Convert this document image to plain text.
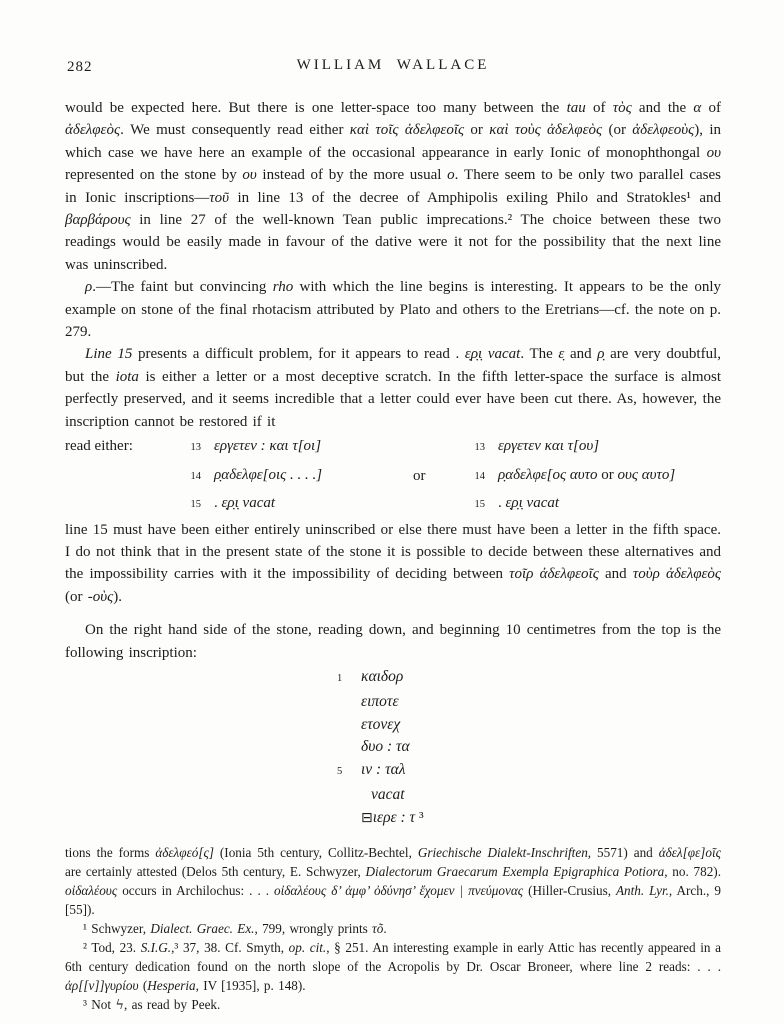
282	WILLIAM WALLACE

would be expected here. But there is one letter-space too many between the tau of τὸς and the α of ἀδελφεὸς. We must consequently read either καὶ τοῖς ἀδελφεοῖς or καὶ τοὺς ἀδελφεὸς (or ἀδελφεοὺς), in which case we have here an example of the occasional appearance in early Ionic of monophthongal ου represented on the stone by ου instead of by the more usual ο. There seem to be only two parallel cases in Ionic inscriptions—τοῦ in line 13 of the decree of Amphipolis exiling Philo and Stratokles¹ and βαρβάρους in line 27 of the well-known Tean public imprecations.² The choice between these two readings would be easily made in favour of the dative were it not for the possibility that the next line was uninscribed.

ρ.—The faint but convincing rho with which the line begins is interesting. It appears to be the only example on stone of the final rhotacism attributed by Plato and others to the Eretrians—cf. the note on p. 279.

Line 15 presents a difficult problem, for it appears to read . ε̣ρ̣ι̣ vacat. The ε̣ and ρ̣ are very doubtful, but the iota is either a letter or a most deceptive scratch. In the fifth letter-space the surface is almost perfectly preserved, and it seems incredible that a letter could ever have been cut there. As, however, the inscription cannot be restored if it

read either:	13 εργετεν : και τ[οι]
14 ρ̣αδελφε[οις . . . .]
15 . ε̣ρ̣ι̣ vacat
or
13 εργετεν και τ[ου]
14 ρ̣αδελφε[ος αυτο or ους αυτο]
15 . ε̣ρ̣ι̣ vacat

line 15 must have been either entirely uninscribed or else there must have been a letter in the fifth space. I do not think that in the present state of the stone it is possible to decide between these alternatives and the impossibility carries with it the impossibility of deciding between τοῖρ ἀδελφεοῖς and τοὺρ ἀδελφεὸς (or -οὺς).

On the right hand side of the stone, reading down, and beginning 10 centimetres from the top is the following inscription:

1 καιδορ
ειποτε
ετονεχ
δυο : τα
5 ιν : ταλ
vacat
⊟ιερε : τ ³

tions the forms ἀδελφεό[ς] (Ionia 5th century, Collitz-Bechtel, Griechische Dialekt-Inschriften, 5571) and ἀδελ[φε]οῖς are certainly attested (Delos 5th century, E. Schwyzer, Dialectorum Graecarum Exempla Epigraphica Potiora, no. 782). οἰδαλέους occurs in Archilochus: . . . οἰδαλέους δ’ ἀμφ’ ὀδύνησ’ ἔχομεν | πνεύμονας (Hiller-Crusius, Anth. Lyr., Arch., 9 [55]).

¹ Schwyzer, Dialect. Graec. Ex., 799, wrongly prints τõ.

² Tod, 23. S.I.G.,³ 37, 38. Cf. Smyth, op. cit., § 251. An interesting example in early Attic has recently appeared in a 6th century dedication found on the north slope of the Acropolis by Dr. Oscar Broneer, where line 2 reads: . . . ἀρ[[ν]]γυρίου (Hesperia, IV [1935], p. 148).

³ Not ϟ, as read by Peek.
